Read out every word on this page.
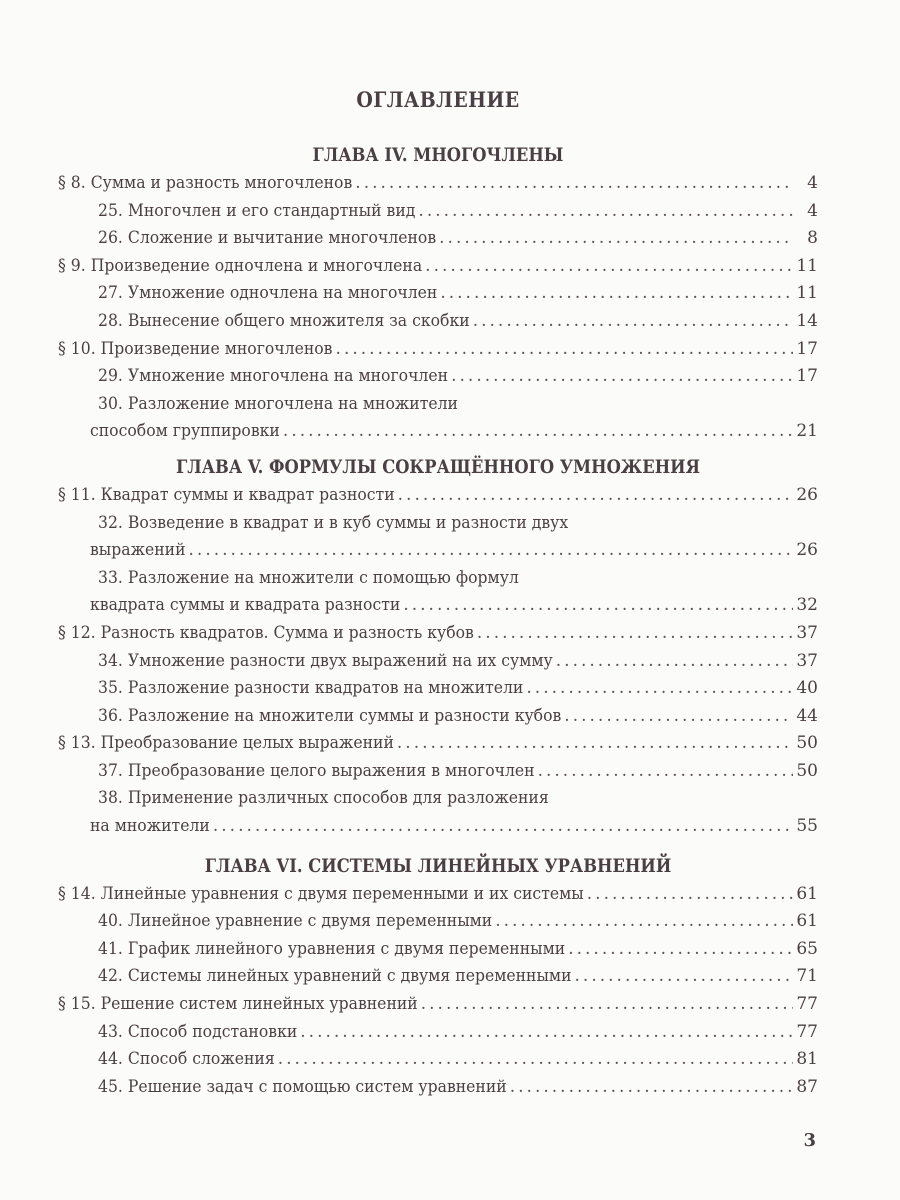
ОГЛАВЛЕНИЕ
ГЛАВА IV. МНОГОЧЛЕНЫ
§ 8. Сумма и разность многочленов . . .	4
25. Многочлен и его стандартный вид . . .	4
26. Сложение и вычитание многочленов . . .	8
§ 9. Произведение одночлена и многочлена . . .	11
27. Умножение одночлена на многочлен . . .	11
28. Вынесение общего множителя за скобки . . .	14
§ 10. Произведение многочленов . . .	17
29. Умножение многочлена на многочлен . . .	17
30. Разложение многочлена на множители
способом группировки . . .	21
ГЛАВА V. ФОРМУЛЫ СОКРАЩЁННОГО УМНОЖЕНИЯ
§ 11. Квадрат суммы и квадрат разности . . .	26
32. Возведение в квадрат и в куб суммы и разности двух
выражений . . .	26
33. Разложение на множители с помощью формул
квадрата суммы и квадрата разности . . .	32
§ 12. Разность квадратов. Сумма и разность кубов . . .	37
34. Умножение разности двух выражений на их сумму . . .	37
35. Разложение разности квадратов на множители . . .	40
36. Разложение на множители суммы и разности кубов . . .	44
§ 13. Преобразование целых выражений . . .	50
37. Преобразование целого выражения в многочлен . . .	50
38. Применение различных способов для разложения
на множители . . .	55
ГЛАВА VI. СИСТЕМЫ ЛИНЕЙНЫХ УРАВНЕНИЙ
§ 14. Линейные уравнения с двумя переменными и их системы . . .	61
40. Линейное уравнение с двумя переменными . . .	61
41. График линейного уравнения с двумя переменными . . .	65
42. Системы линейных уравнений с двумя переменными . . .	71
§ 15. Решение систем линейных уравнений . . .	77
43. Способ подстановки . . .	77
44. Способ сложения . . .	81
45. Решение задач с помощью систем уравнений . . .	87
3
